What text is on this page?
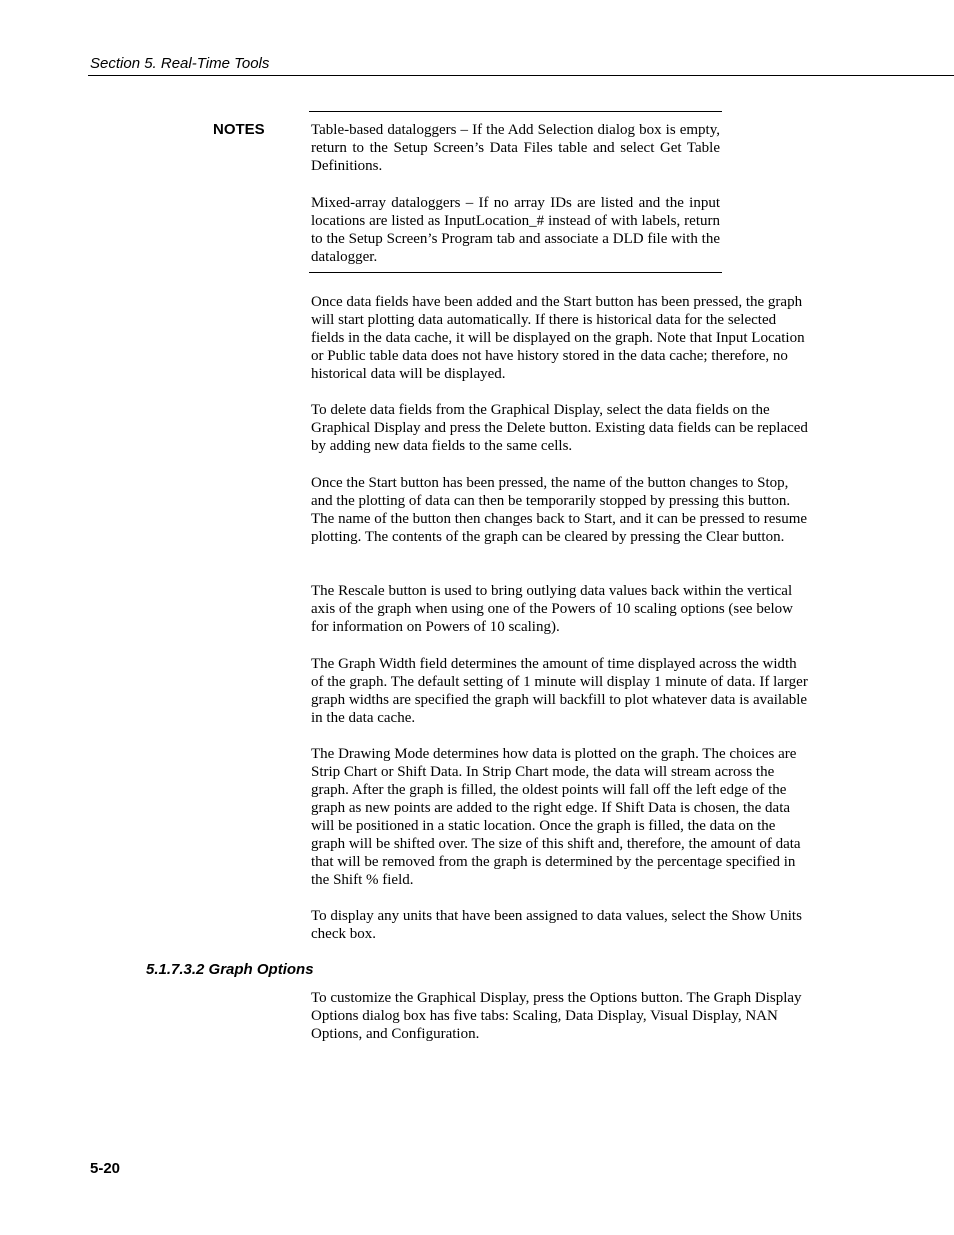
Section 5. Real-Time Tools
NOTES	Table-based dataloggers – If the Add Selection dialog box is empty, return to the Setup Screen’s Data Files table and select Get Table Definitions.
Mixed-array dataloggers – If no array IDs are listed and the input locations are listed as InputLocation_# instead of with labels, return to the Setup Screen’s Program tab and associate a DLD file with the datalogger.
Once data fields have been added and the Start button has been pressed, the graph will start plotting data automatically. If there is historical data for the selected fields in the data cache, it will be displayed on the graph. Note that Input Location or Public table data does not have history stored in the data cache; therefore, no historical data will be displayed.
To delete data fields from the Graphical Display, select the data fields on the Graphical Display and press the Delete button. Existing data fields can be replaced by adding new data fields to the same cells.
Once the Start button has been pressed, the name of the button changes to Stop, and the plotting of data can then be temporarily stopped by pressing this button. The name of the button then changes back to Start, and it can be pressed to resume plotting. The contents of the graph can be cleared by pressing the Clear button.
The Rescale button is used to bring outlying data values back within the vertical axis of the graph when using one of the Powers of 10 scaling options (see below for information on Powers of 10 scaling).
The Graph Width field determines the amount of time displayed across the width of the graph. The default setting of 1 minute will display 1 minute of data. If larger graph widths are specified the graph will backfill to plot whatever data is available in the data cache.
The Drawing Mode determines how data is plotted on the graph. The choices are Strip Chart or Shift Data. In Strip Chart mode, the data will stream across the graph. After the graph is filled, the oldest points will fall off the left edge of the graph as new points are added to the right edge. If Shift Data is chosen, the data will be positioned in a static location. Once the graph is filled, the data on the graph will be shifted over. The size of this shift and, therefore, the amount of data that will be removed from the graph is determined by the percentage specified in the Shift % field.
To display any units that have been assigned to data values, select the Show Units check box.
5.1.7.3.2 Graph Options
To customize the Graphical Display, press the Options button. The Graph Display Options dialog box has five tabs: Scaling, Data Display, Visual Display, NAN Options, and Configuration.
5-20
